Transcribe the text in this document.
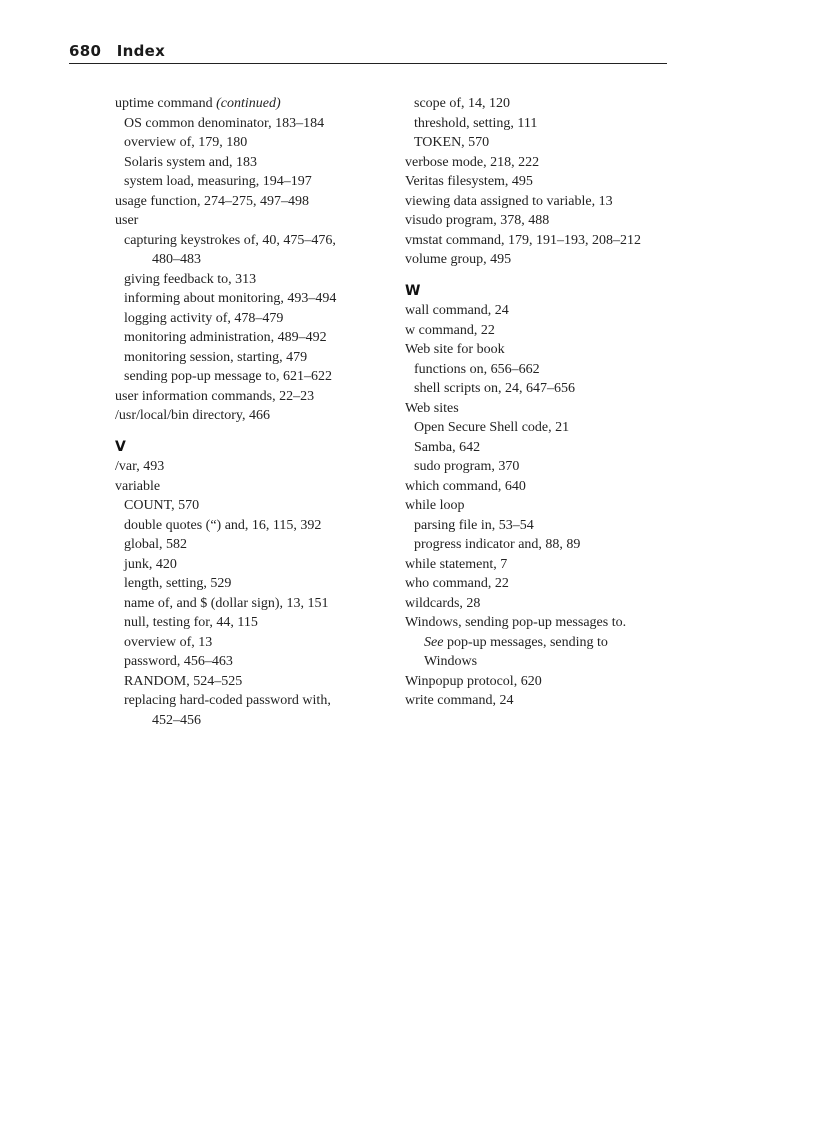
680 Index
uptime command (continued)
OS common denominator, 183–184
overview of, 179, 180
Solaris system and, 183
system load, measuring, 194–197
usage function, 274–275, 497–498
user
capturing keystrokes of, 40, 475–476,
480–483
giving feedback to, 313
informing about monitoring, 493–494
logging activity of, 478–479
monitoring administration, 489–492
monitoring session, starting, 479
sending pop-up message to, 621–622
user information commands, 22–23
/usr/local/bin directory, 466
V
/var, 493
variable
COUNT, 570
double quotes (“) and, 16, 115, 392
global, 582
junk, 420
length, setting, 529
name of, and $ (dollar sign), 13, 151
null, testing for, 44, 115
overview of, 13
password, 456–463
RANDOM, 524–525
replacing hard-coded password with,
452–456
scope of, 14, 120
threshold, setting, 111
TOKEN, 570
verbose mode, 218, 222
Veritas filesystem, 495
viewing data assigned to variable, 13
visudo program, 378, 488
vmstat command, 179, 191–193, 208–212
volume group, 495
W
wall command, 24
w command, 22
Web site for book
functions on, 656–662
shell scripts on, 24, 647–656
Web sites
Open Secure Shell code, 21
Samba, 642
sudo program, 370
which command, 640
while loop
parsing file in, 53–54
progress indicator and, 88, 89
while statement, 7
who command, 22
wildcards, 28
Windows, sending pop-up messages to.
See pop-up messages, sending to
Windows
Winpopup protocol, 620
write command, 24
